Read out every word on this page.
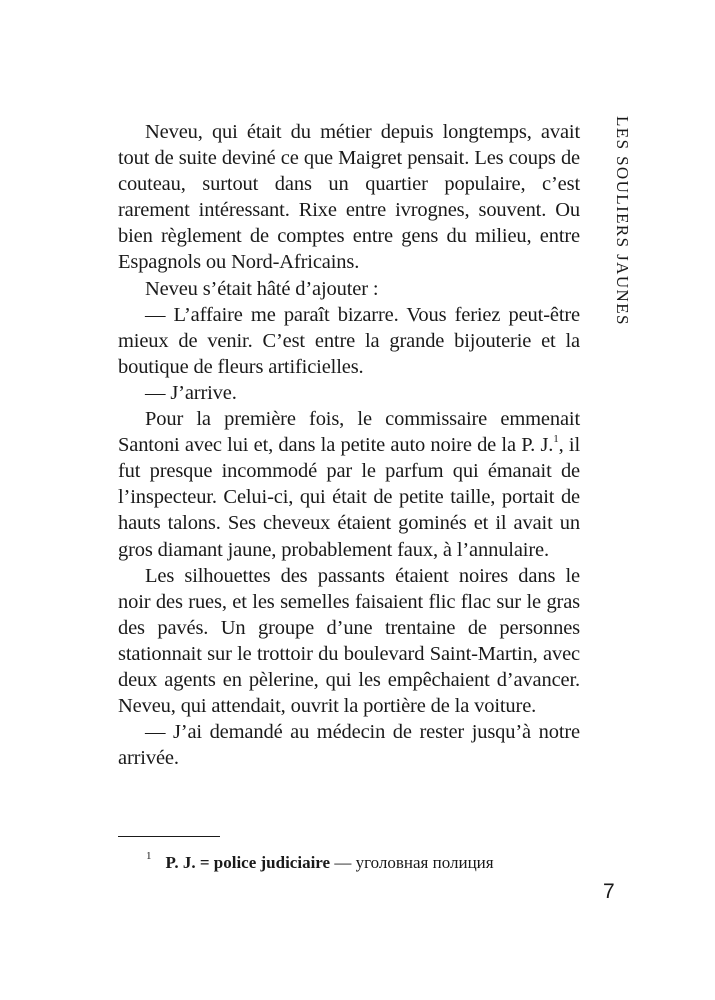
LES SOULIERS JAUNES

Neveu, qui était du métier depuis longtemps, avait tout de suite deviné ce que Maigret pensait. Les coups de couteau, surtout dans un quartier populaire, c’est rarement intéressant. Rixe entre ivrognes, souvent. Ou bien règlement de comptes entre gens du milieu, entre Espagnols ou Nord-Africains.

Neveu s’était hâté d’ajouter :

— L’affaire me paraît bizarre. Vous feriez peut-être mieux de venir. C’est entre la grande bijouterie et la boutique de fleurs artificielles.

— J’arrive.

Pour la première fois, le commissaire emmenait Santoni avec lui et, dans la petite auto noire de la P. J.$^1$, il fut presque incommodé par le parfum qui émanait de l’inspecteur. Celui-ci, qui était de petite taille, portait de hauts talons. Ses cheveux étaient gominés et il avait un gros diamant jaune, probablement faux, à l’annulaire.

Les silhouettes des passants étaient noires dans le noir des rues, et les semelles faisaient flic flac sur le gras des pavés. Un groupe d’une trentaine de personnes stationnait sur le trottoir du boulevard Saint-Martin, avec deux agents en pèlerine, qui les empêchaient d’avancer. Neveu, qui attendait, ouvrit la portière de la voiture.

— J’ai demandé au médecin de rester jusqu’à notre arrivée.

$^1$ P. J. = police judiciaire — уголовная полиция
7
